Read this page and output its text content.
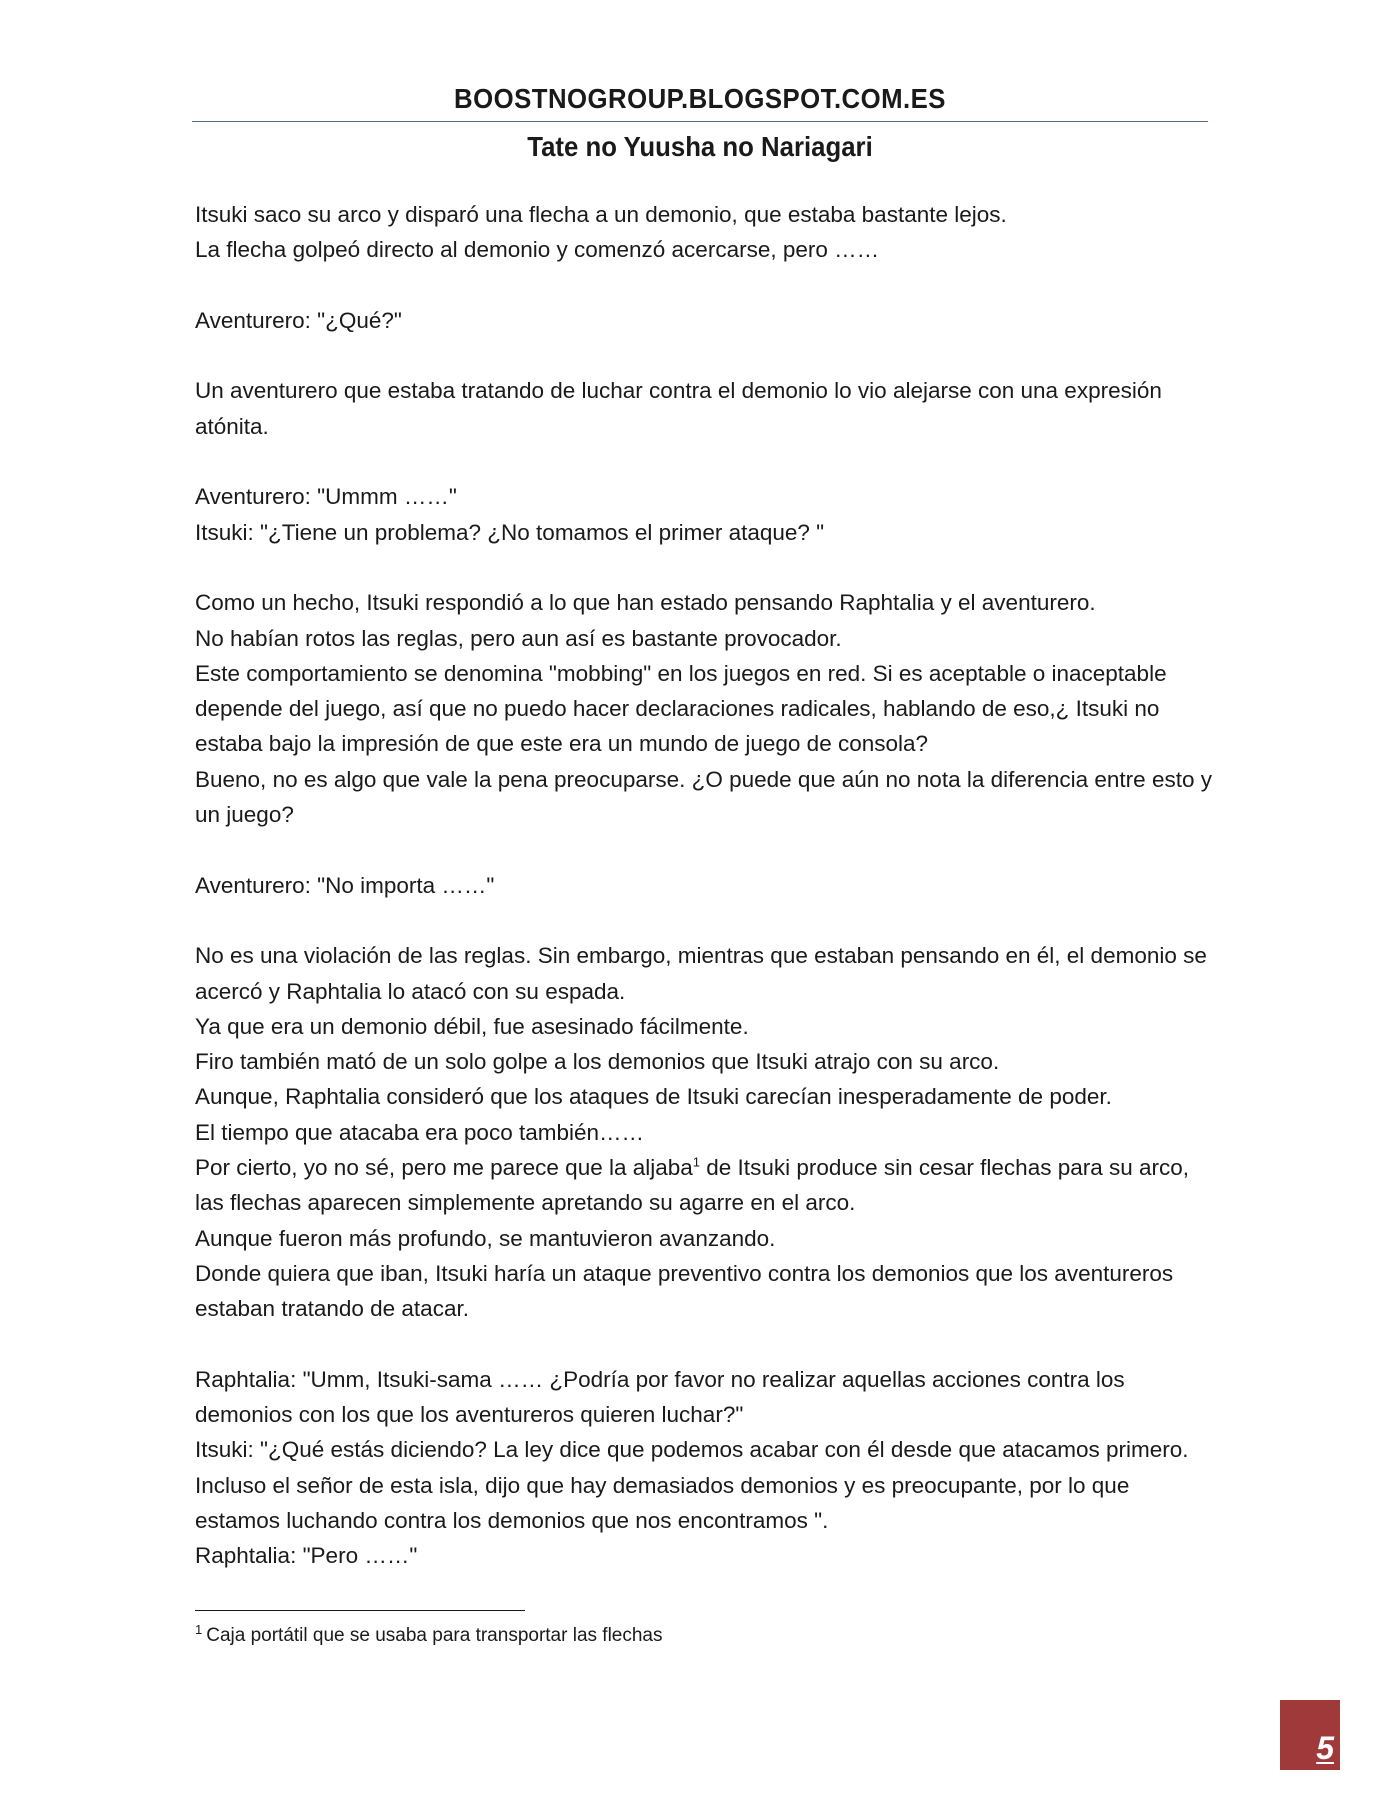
BOOSTNOGROUP.BLOGSPOT.COM.ES
Tate no Yuusha no Nariagari

Itsuki saco su arco y disparó una flecha a un demonio, que estaba bastante lejos.

La flecha golpeó directo al demonio y comenzó acercarse, pero ……

Aventurero: "¿Qué?"

Un aventurero que estaba tratando de luchar contra el demonio lo vio alejarse con una expresión atónita.

Aventurero: "Ummm ……"

Itsuki: "¿Tiene un problema? ¿No tomamos el primer ataque? "

Como un hecho, Itsuki respondió a lo que han estado pensando Raphtalia y el aventurero.

No habían rotos las reglas, pero aun así es bastante provocador.

Este comportamiento se denomina "mobbing" en los juegos en red. Si es aceptable o inaceptable depende del juego, así que no puedo hacer declaraciones radicales, hablando de eso,¿ Itsuki no estaba bajo la impresión de que este era un mundo de juego de consola?

Bueno, no es algo que vale la pena preocuparse. ¿O puede que aún no nota la diferencia entre esto y un juego?

Aventurero: "No importa ……"

No es una violación de las reglas. Sin embargo, mientras que estaban pensando en él, el demonio se acercó y Raphtalia lo atacó con su espada.

Ya que era un demonio débil, fue asesinado fácilmente.

Firo también mató de un solo golpe a los demonios que Itsuki atrajo con su arco.

Aunque, Raphtalia consideró que los ataques de Itsuki carecían inesperadamente de poder.

El tiempo que atacaba era poco también……

Por cierto, yo no sé, pero me parece que la aljaba$^1$ de Itsuki produce sin cesar flechas para su arco, las flechas aparecen simplemente apretando su agarre en el arco.

Aunque fueron más profundo, se mantuvieron avanzando.

Donde quiera que iban, Itsuki haría un ataque preventivo contra los demonios que los aventureros estaban tratando de atacar.

Raphtalia: "Umm, Itsuki-sama …… ¿Podría por favor no realizar aquellas acciones contra los demonios con los que los aventureros quieren luchar?"

Itsuki: "¿Qué estás diciendo? La ley dice que podemos acabar con él desde que atacamos primero. Incluso el señor de esta isla, dijo que hay demasiados demonios y es preocupante, por lo que estamos luchando contra los demonios que nos encontramos ".

Raphtalia: "Pero ……"

$^1$ Caja portátil que se usaba para transportar las flechas
5
